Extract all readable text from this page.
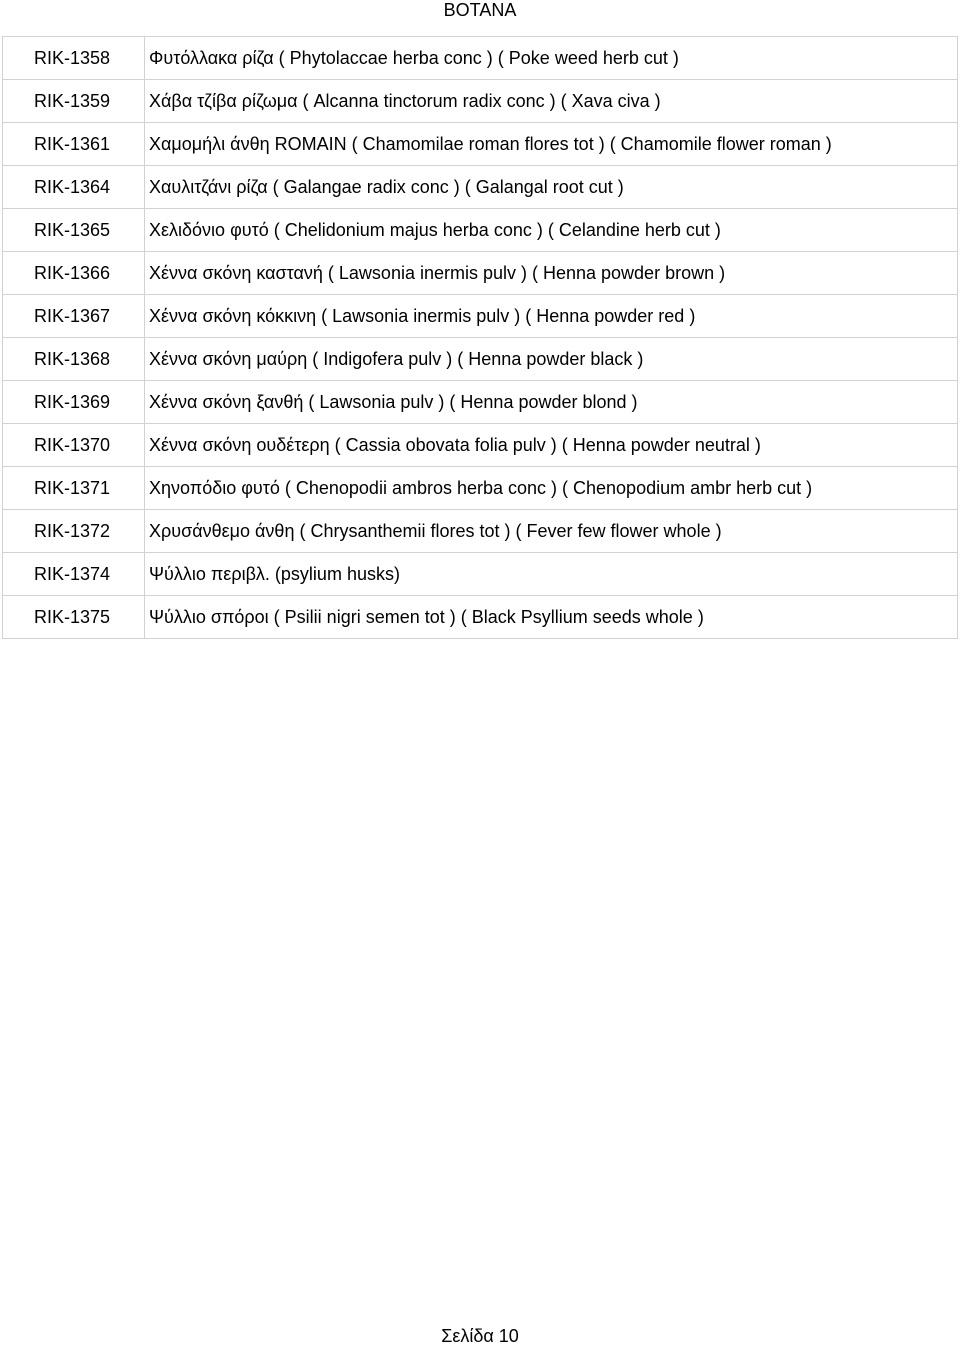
BOTANA
RIK-1358	Φυτόλλακα ρίζα ( Phytolaccae herba conc ) ( Poke weed herb cut )
RIK-1359	Χάβα τζίβα ρίζωμα ( Alcanna tinctorum radix conc ) ( Xava civa )
RIK-1361	Χαμομήλι άνθη ROMAIN ( Chamomilae roman flores tot ) ( Chamomile flower roman )
RIK-1364	Χαυλιτζάνι ρίζα ( Galangae radix conc ) ( Galangal root cut )
RIK-1365	Χελιδόνιο φυτό ( Chelidonium majus herba conc ) ( Celandine herb cut )
RIK-1366	Χέννα σκόνη καστανή ( Lawsonia inermis pulv ) ( Henna powder brown )
RIK-1367	Χέννα σκόνη κόκκινη ( Lawsonia inermis pulv ) ( Henna powder red )
RIK-1368	Χέννα σκόνη μαύρη ( Indigofera pulv ) ( Henna powder black )
RIK-1369	Χέννα σκόνη ξανθή ( Lawsonia pulv ) ( Henna powder blond )
RIK-1370	Χέννα σκόνη ουδέτερη ( Cassia obovata folia pulv ) ( Henna powder neutral )
RIK-1371	Χηνοπόδιο φυτό ( Chenopodii ambros herba conc ) ( Chenopodium ambr herb cut )
RIK-1372	Χρυσάνθεμο άνθη ( Chrysanthemii flores tot ) ( Fever few flower whole )
RIK-1374	Ψύλλιο περιβλ. (psylium husks)
RIK-1375	Ψύλλιο σπόροι ( Psilii nigri semen tot ) ( Black Psyllium seeds whole )
Σελίδα 10
